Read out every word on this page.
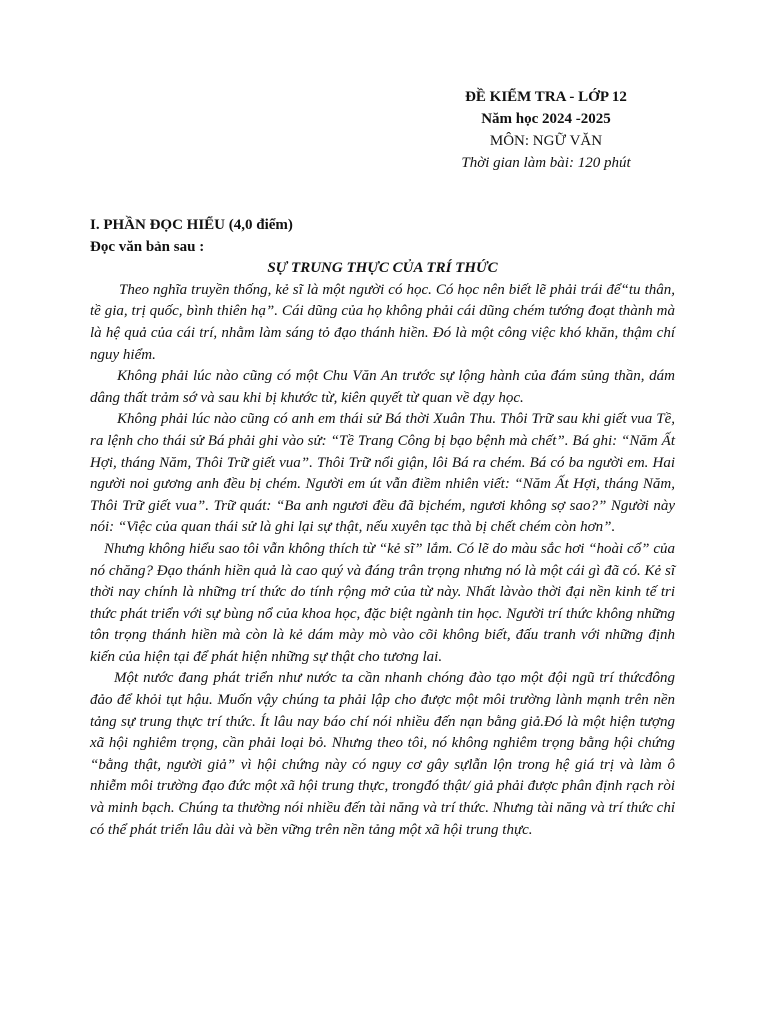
ĐỀ KIỂM TRA - LỚP 12
Năm học 2024 -2025
MÔN: NGỮ VĂN
Thời gian làm bài: 120 phút

I. PHẦN ĐỌC HIỂU (4,0 điểm)

Đọc văn bản sau :

SỰ TRUNG THỰC CỦA TRÍ THỨC

Theo nghĩa truyền thống, kẻ sĩ là một người có học. Có học nên biết lẽ phải trái để“tu thân, tề gia, trị quốc, bình thiên hạ”. Cái dũng của họ không phải cái dũng chém tướng đoạt thành mà là hệ quả của cái trí, nhằm làm sáng tỏ đạo thánh hiền. Đó là một công việc khó khăn, thậm chí nguy hiểm.

Không phải lúc nào cũng có một Chu Văn An trước sự lộng hành của đám sủng thần, dám dâng thất trảm sớ và sau khi bị khước từ, kiên quyết từ quan về dạy học.

Không phải lúc nào cũng có anh em thái sử Bá thời Xuân Thu. Thôi Trữ sau khi giết vua Tề, ra lệnh cho thái sử Bá phải ghi vào sử: “Tề Trang Công bị bạo bệnh mà chết”. Bá ghi: “Năm Ất Hợi, tháng Năm, Thôi Trữ giết vua”. Thôi Trữ nổi giận, lôi Bá ra chém. Bá có ba người em. Hai người noi gương anh đều bị chém. Người em út vẫn điềm nhiên viết: “Năm Ất Hợi, tháng Năm, Thôi Trữ giết vua”. Trữ quát: “Ba anh ngươi đều đã bịchém, ngươi không sợ sao?” Người này nói: “Việc của quan thái sử là ghi lại sự thật, nếu xuyên tạc thà bị chết chém còn hơn”.

Nhưng không hiểu sao tôi vẫn không thích từ “kẻ sĩ” lắm. Có lẽ do màu sắc hơi “hoài cổ” của nó chăng? Đạo thánh hiền quả là cao quý và đáng trân trọng nhưng nó là một cái gì đã có. Kẻ sĩ thời nay chính là những trí thức do tính rộng mở của từ này. Nhất làvào thời đại nền kinh tế tri thức phát triển với sự bùng nổ của khoa học, đặc biệt ngành tin học. Người trí thức không những tôn trọng thánh hiền mà còn là kẻ dám mày mò vào cõi không biết, đấu tranh với những định kiến của hiện tại để phát hiện những sự thật cho tương lai.

Một nước đang phát triển như nước ta cần nhanh chóng đào tạo một đội ngũ trí thứcđông đảo để khỏi tụt hậu. Muốn vậy chúng ta phải lập cho được một môi trường lành mạnh trên nền tảng sự trung thực trí thức. Ít lâu nay báo chí nói nhiều đến nạn bằng giả.Đó là một hiện tượng xã hội nghiêm trọng, cần phải loại bỏ. Nhưng theo tôi, nó không nghiêm trọng bằng hội chứng “bằng thật, người giả” vì hội chứng này có nguy cơ gây sựlẫn lộn trong hệ giá trị và làm ô nhiễm môi trường đạo đức một xã hội trung thực, trongđó thật/ giả phải được phân định rạch ròi và minh bạch. Chúng ta thường nói nhiều đến tài năng và trí thức. Nhưng tài năng và trí thức chỉ có thể phát triển lâu dài và bền vững trên nền tảng một xã hội trung thực.
